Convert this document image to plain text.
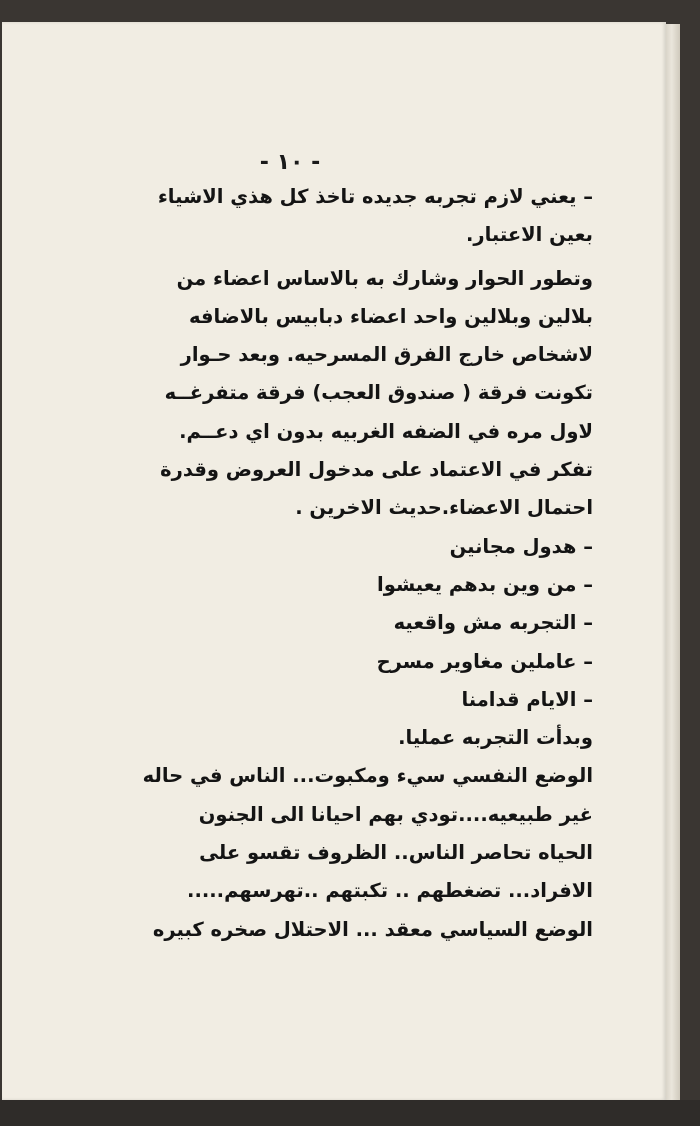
- ١٠ -
– يعني لازم تجربه جديده تاخذ كل هذي الاشياء
بعين الاعتبار.
وتطور الحوار وشارك به بالاساس اعضاء من
بلالين وبلالين واحد اعضاء دبابيس بالاضافه
لاشخاص خارج الفرق المسرحيه. وبعد حـوار
تكونت فرقة ( صندوق العجب) فرقة متفرغــه
لاول مره في الضفه الغربيه بدون اي دعــم.
تفكر في الاعتماد على مدخول العروض وقدرة
احتمال الاعضاء.حديث الاخرين .
– هدول مجانين
– من وين بدهم يعيشوا
– التجربه مش واقعيه
– عاملين مغاوير مسرح
– الايام قدامنا
وبدأت التجربه عمليا.
الوضع النفسي سيء ومكبوت... الناس في حاله
غير طبيعيه....تودي بهم احيانا الى الجنون
الحياه تحاصر الناس.. الظروف تقسو على
الافراد... تضغطهم .. تكبتهم ..تهرسهم.....
الوضع السياسي معقد ... الاحتلال صخره كبيره
